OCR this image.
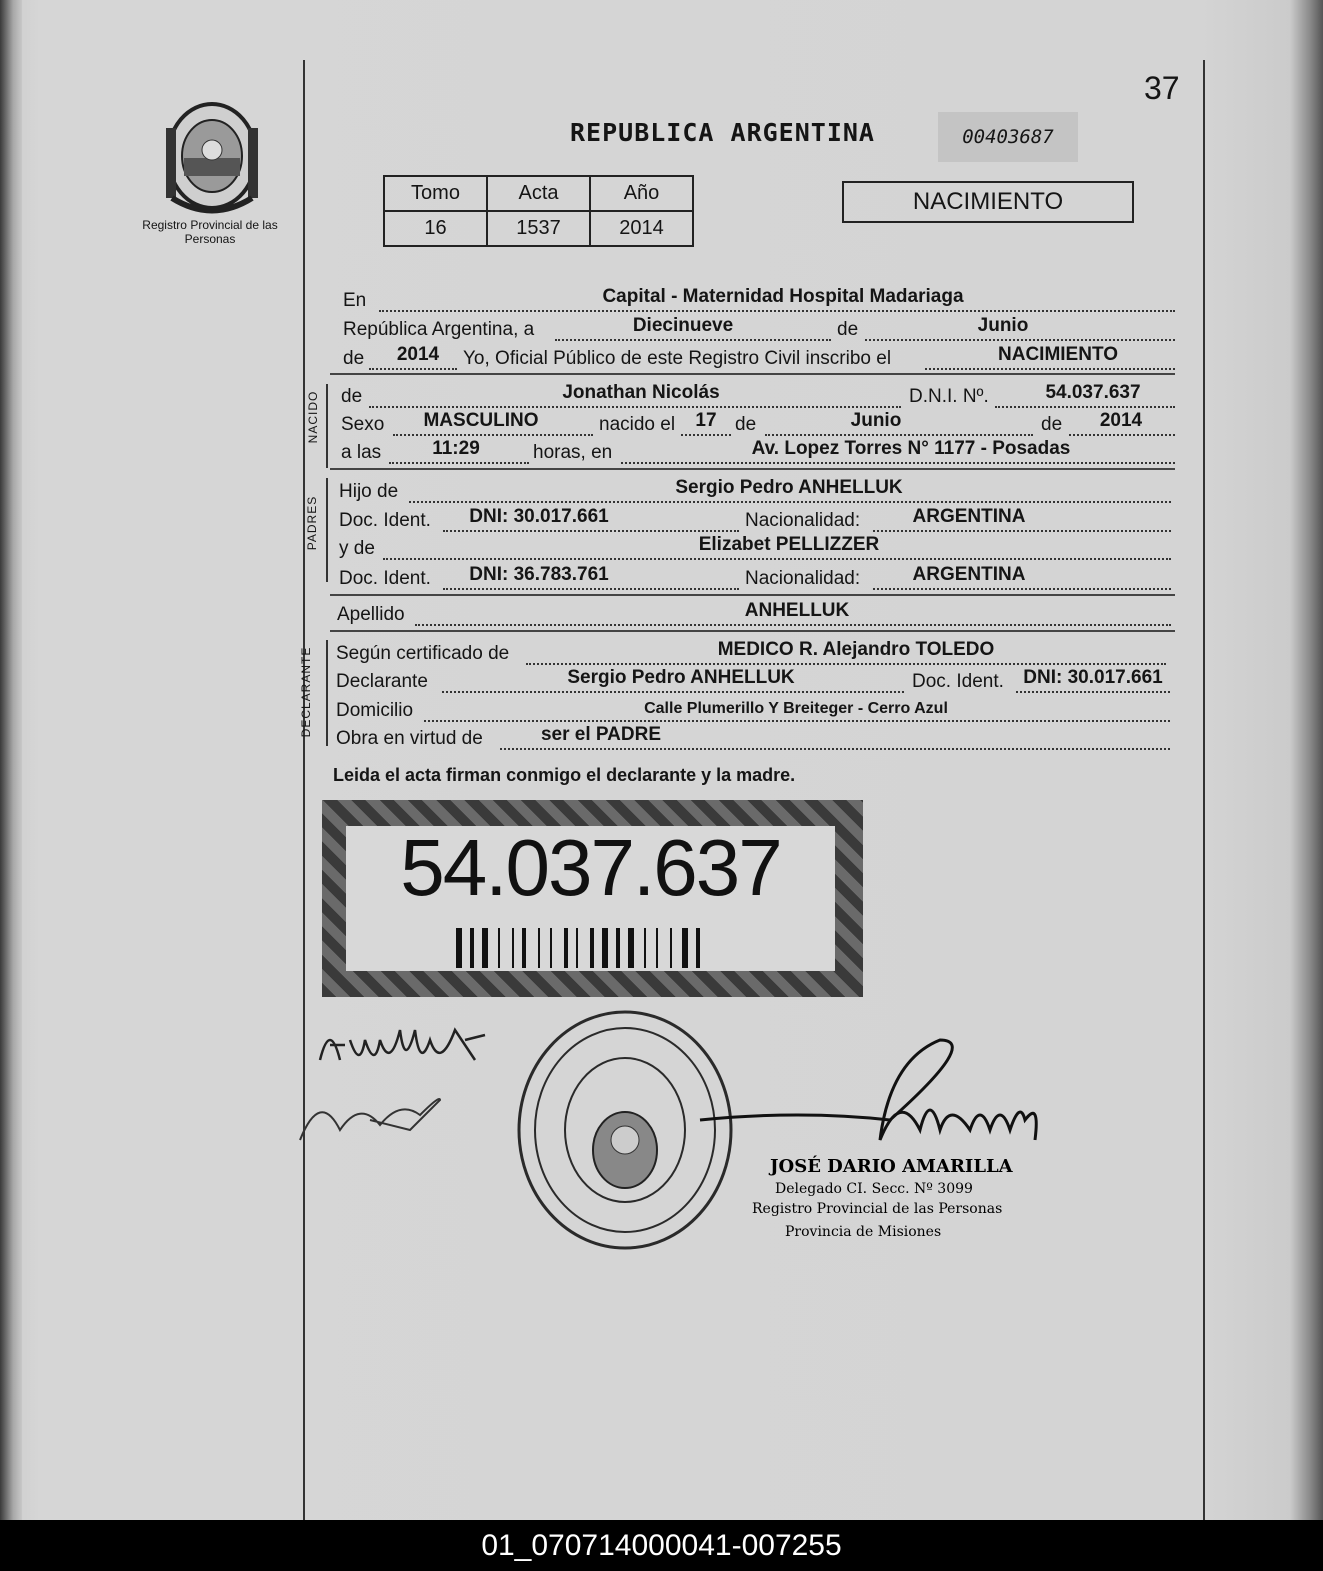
Registro Provincial de las Personas
37
REPUBLICA ARGENTINA	00403687
Tomo	Acta	Año
16	1537	2014
NACIMIENTO
En	Capital - Maternidad Hospital Madariaga
República Argentina, a	Diecinueve	de	Junio
de	2014	Yo, Oficial Público de este Registro Civil inscribo el	NACIMIENTO
NACIDO de	Jonathan Nicolás	D.N.I. Nº.	54.037.637
Sexo	MASCULINO	nacido el	17 de	Junio	de	2014
a las	11:29	horas, en	Av. Lopez Torres N° 1177 - Posadas
PADRES
Hijo de	Sergio Pedro ANHELLUK
Doc. Ident.	DNI: 30.017.661	Nacionalidad:	ARGENTINA
y de	Elizabet PELLIZZER
Doc. Ident.	DNI: 36.783.761	Nacionalidad:	ARGENTINA
Apellido	ANHELLUK
DECLARANTE Según certificado de	MEDICO R. Alejandro TOLEDO
Declarante	Sergio Pedro ANHELLUK	Doc. Ident.	DNI: 30.017.661
Domicilio	Calle Plumerillo Y Breiteger - Cerro Azul
Obra en virtud de	ser el PADRE
Leida el acta firman conmigo el declarante y la madre.
54.037.637
JOSÉ DARIO AMARILLA
Delegado CI. Secc. Nº 3099
Registro Provincial de las Personas
Provincia de Misiones
01_070714000041-007255
